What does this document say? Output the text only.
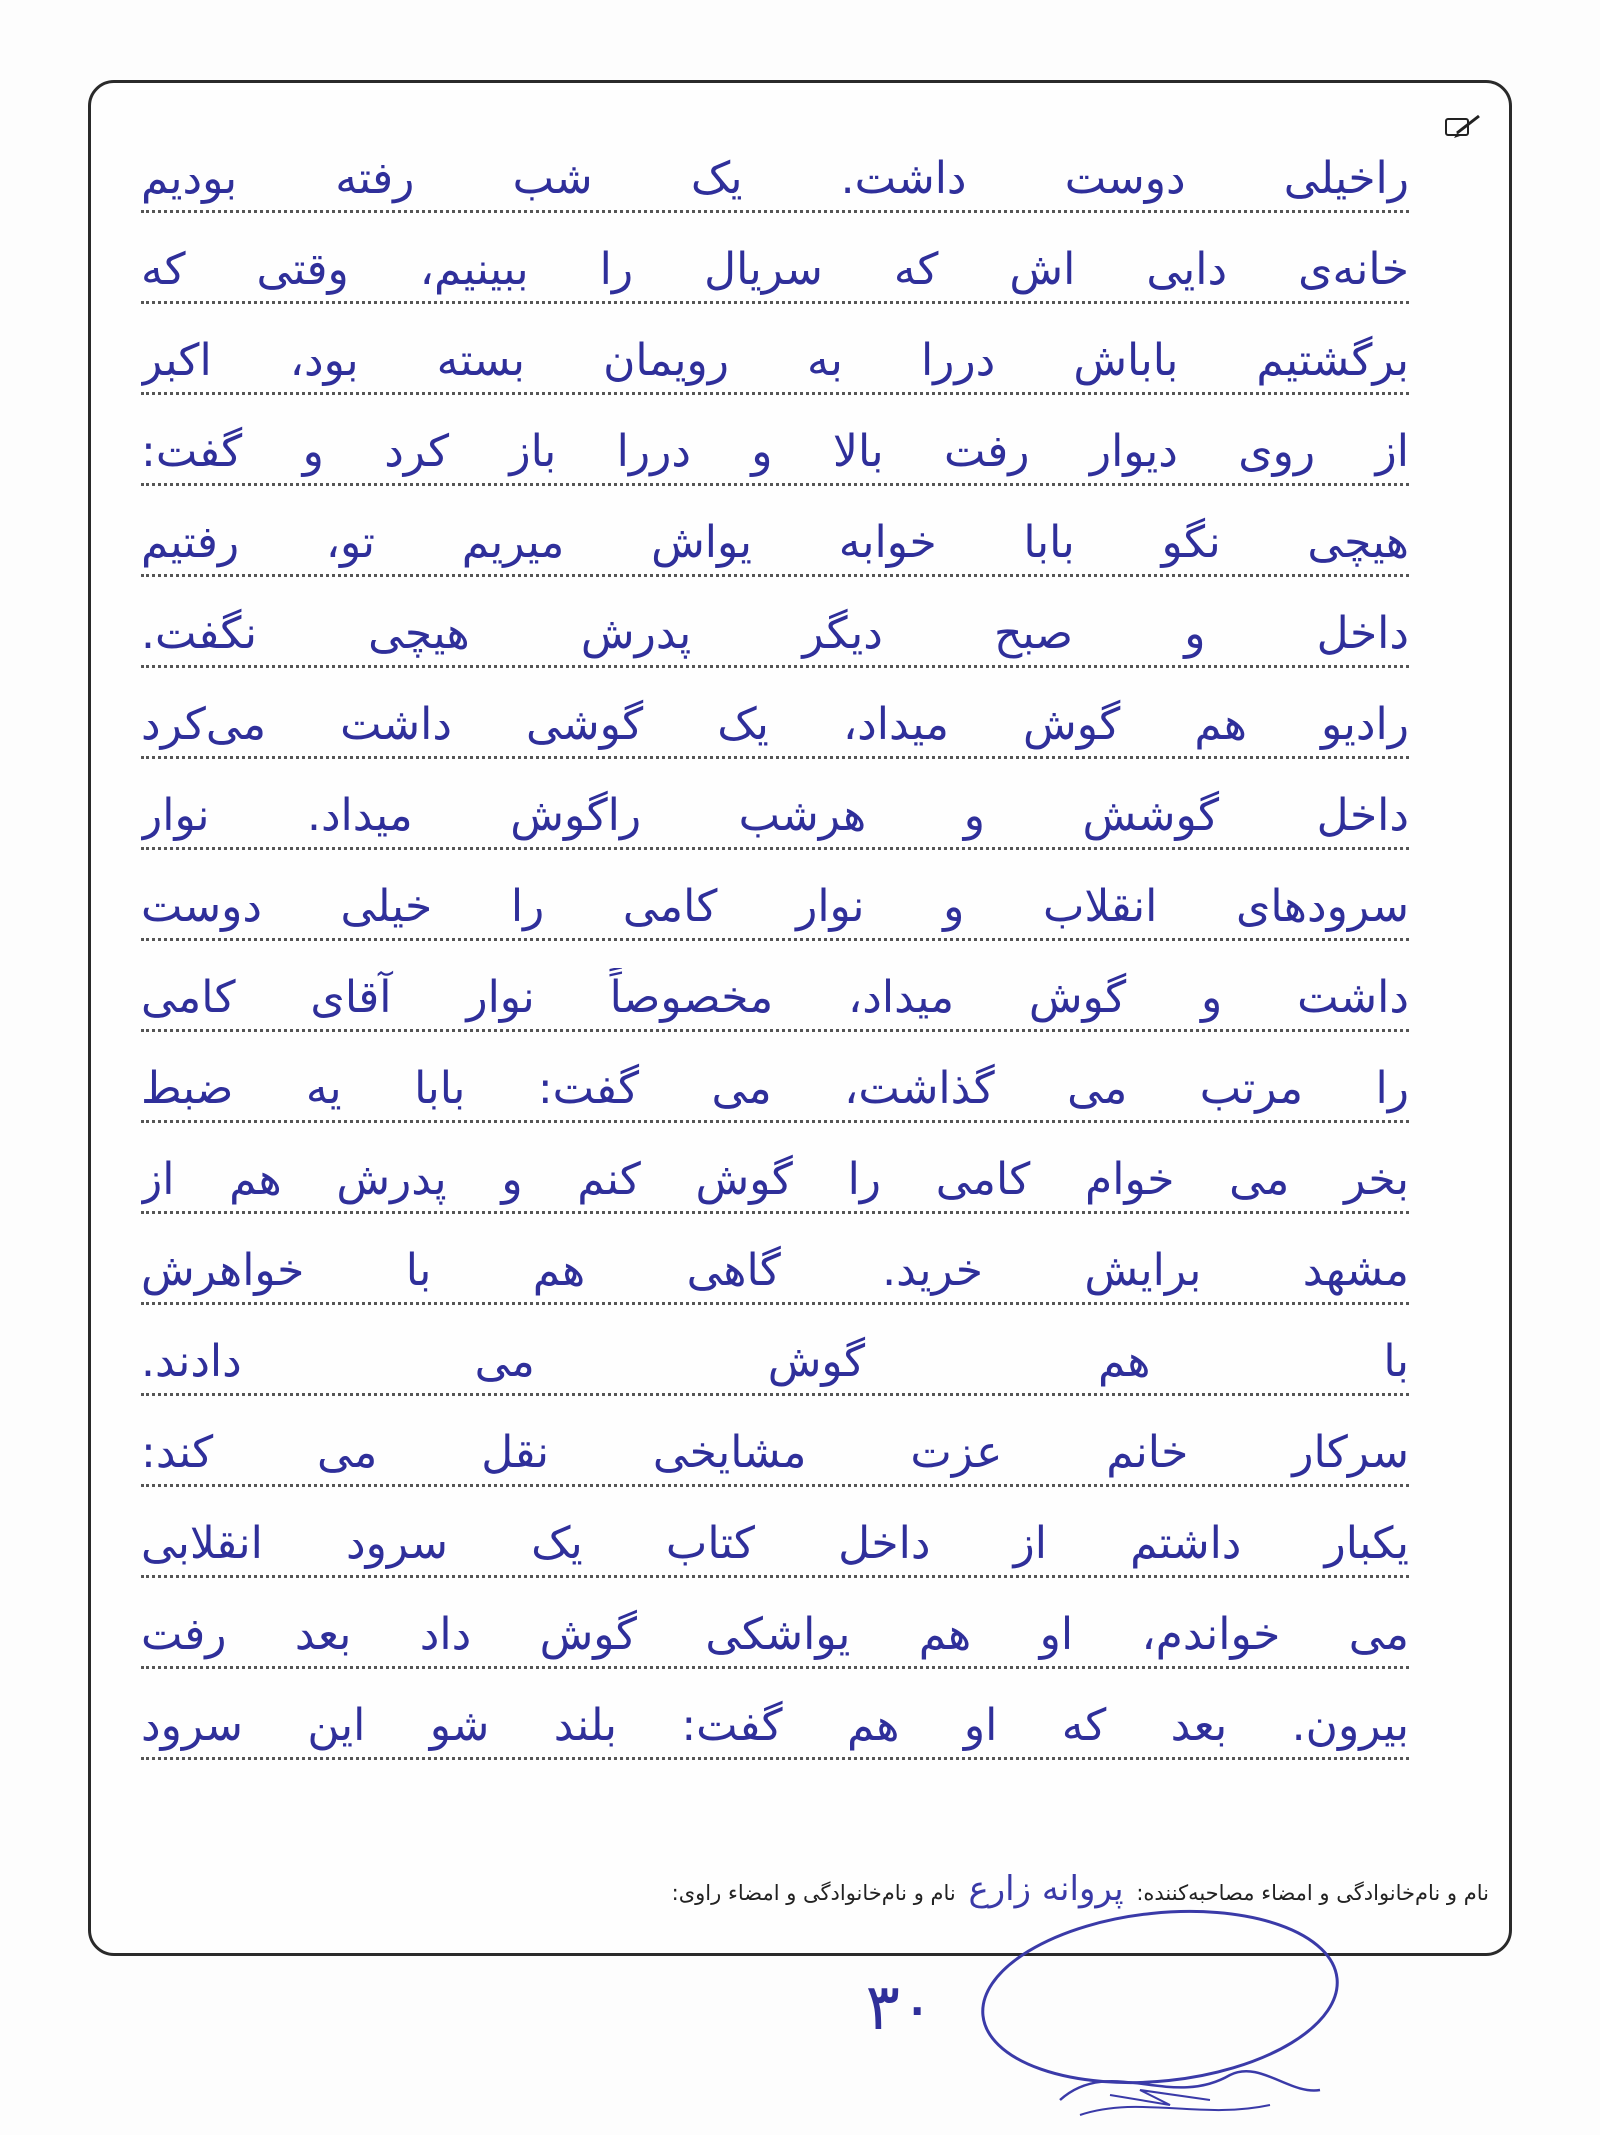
راخیلی دوست داشت. یک شب رفته بودیم
خانه‌ی دایی اش که سریال را ببینیم، وقتی که
برگشتیم باباش دررا به رویمان بسته بود، اکبر
از روی دیوار رفت بالا و دررا باز کرد و گفت:
هیچی نگو بابا خوابه یواش میریم تو، رفتیم
داخل و صبح دیگر پدرش هیچی نگفت.
رادیو هم گوش میداد، یک گوشی داشت می‌کرد
داخل گوشش و هرشب راگوش میداد. نوار
سرودهای انقلاب و نوار کامی را خیلی دوست
داشت و گوش میداد، مخصوصاً نوار آقای کامی
را مرتب می گذاشت، می گفت: بابا یه ضبط
بخر می خوام کامی را گوش کنم و پدرش هم از
مشهد برایش خرید. گاهی هم با خواهرش
با هم گوش می دادند.
سرکار خانم عزت مشایخی نقل می کند:
یکبار داشتم از داخل کتاب یک سرود انقلابی
می خواندم، او هم یواشکی گوش داد بعد رفت
بیرون. بعد که او هم گفت: بلند شو این سرود
نام و نام‌خانوادگی و امضاء مصاحبه‌کننده: پروانه زارع نام و نام‌خانوادگی و امضاء راوی:
۳۰
